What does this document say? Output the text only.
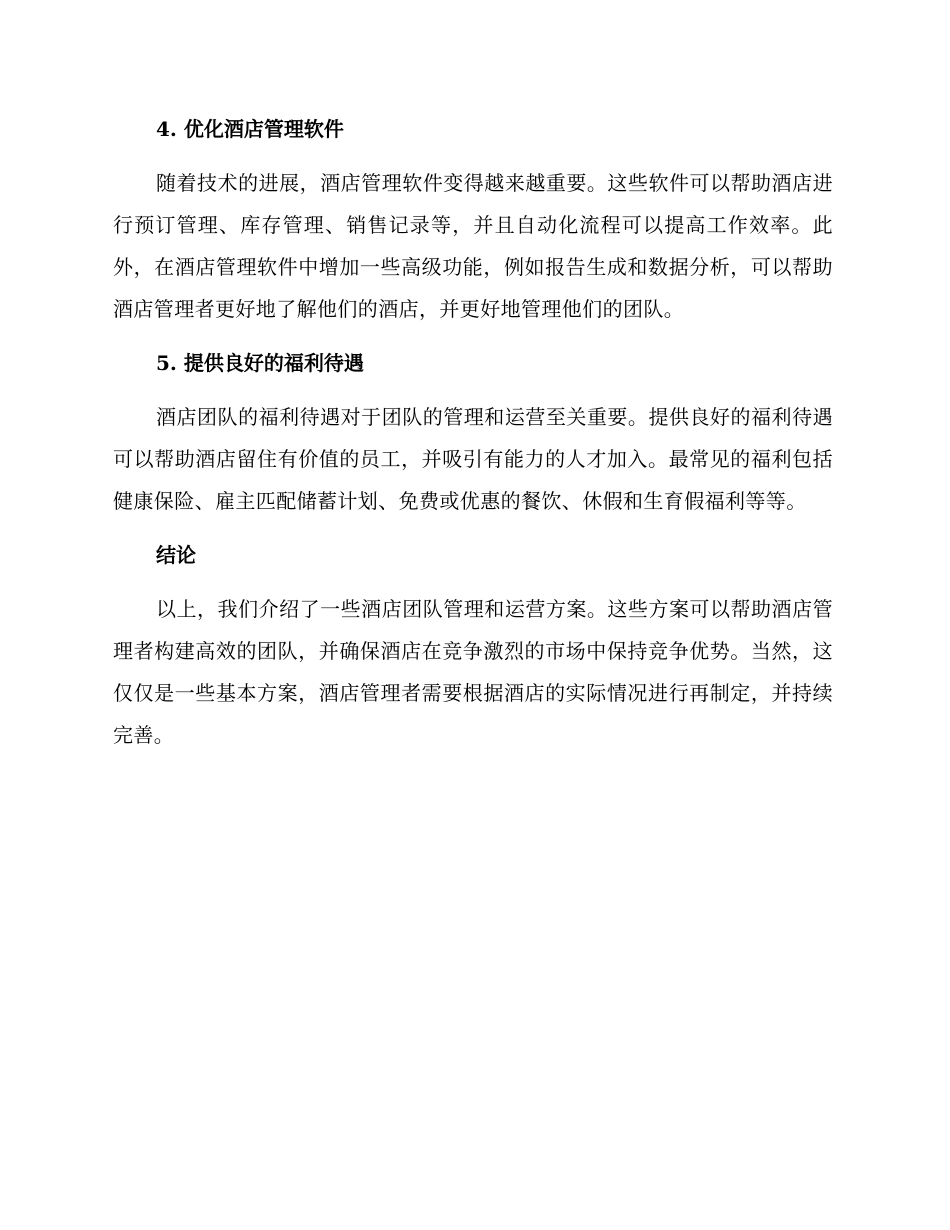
4. 优化酒店管理软件

随着技术的进展，酒店管理软件变得越来越重要。这些软件可以帮助酒店进行预订管理、库存管理、销售记录等，并且自动化流程可以提高工作效率。此外，在酒店管理软件中增加一些高级功能，例如报告生成和数据分析，可以帮助酒店管理者更好地了解他们的酒店，并更好地管理他们的团队。

5. 提供良好的福利待遇

酒店团队的福利待遇对于团队的管理和运营至关重要。提供良好的福利待遇可以帮助酒店留住有价值的员工，并吸引有能力的人才加入。最常见的福利包括健康保险、雇主匹配储蓄计划、免费或优惠的餐饮、休假和生育假福利等等。

结论

以上，我们介绍了一些酒店团队管理和运营方案。这些方案可以帮助酒店管理者构建高效的团队，并确保酒店在竞争激烈的市场中保持竞争优势。当然，这仅仅是一些基本方案，酒店管理者需要根据酒店的实际情况进行再制定，并持续完善。
